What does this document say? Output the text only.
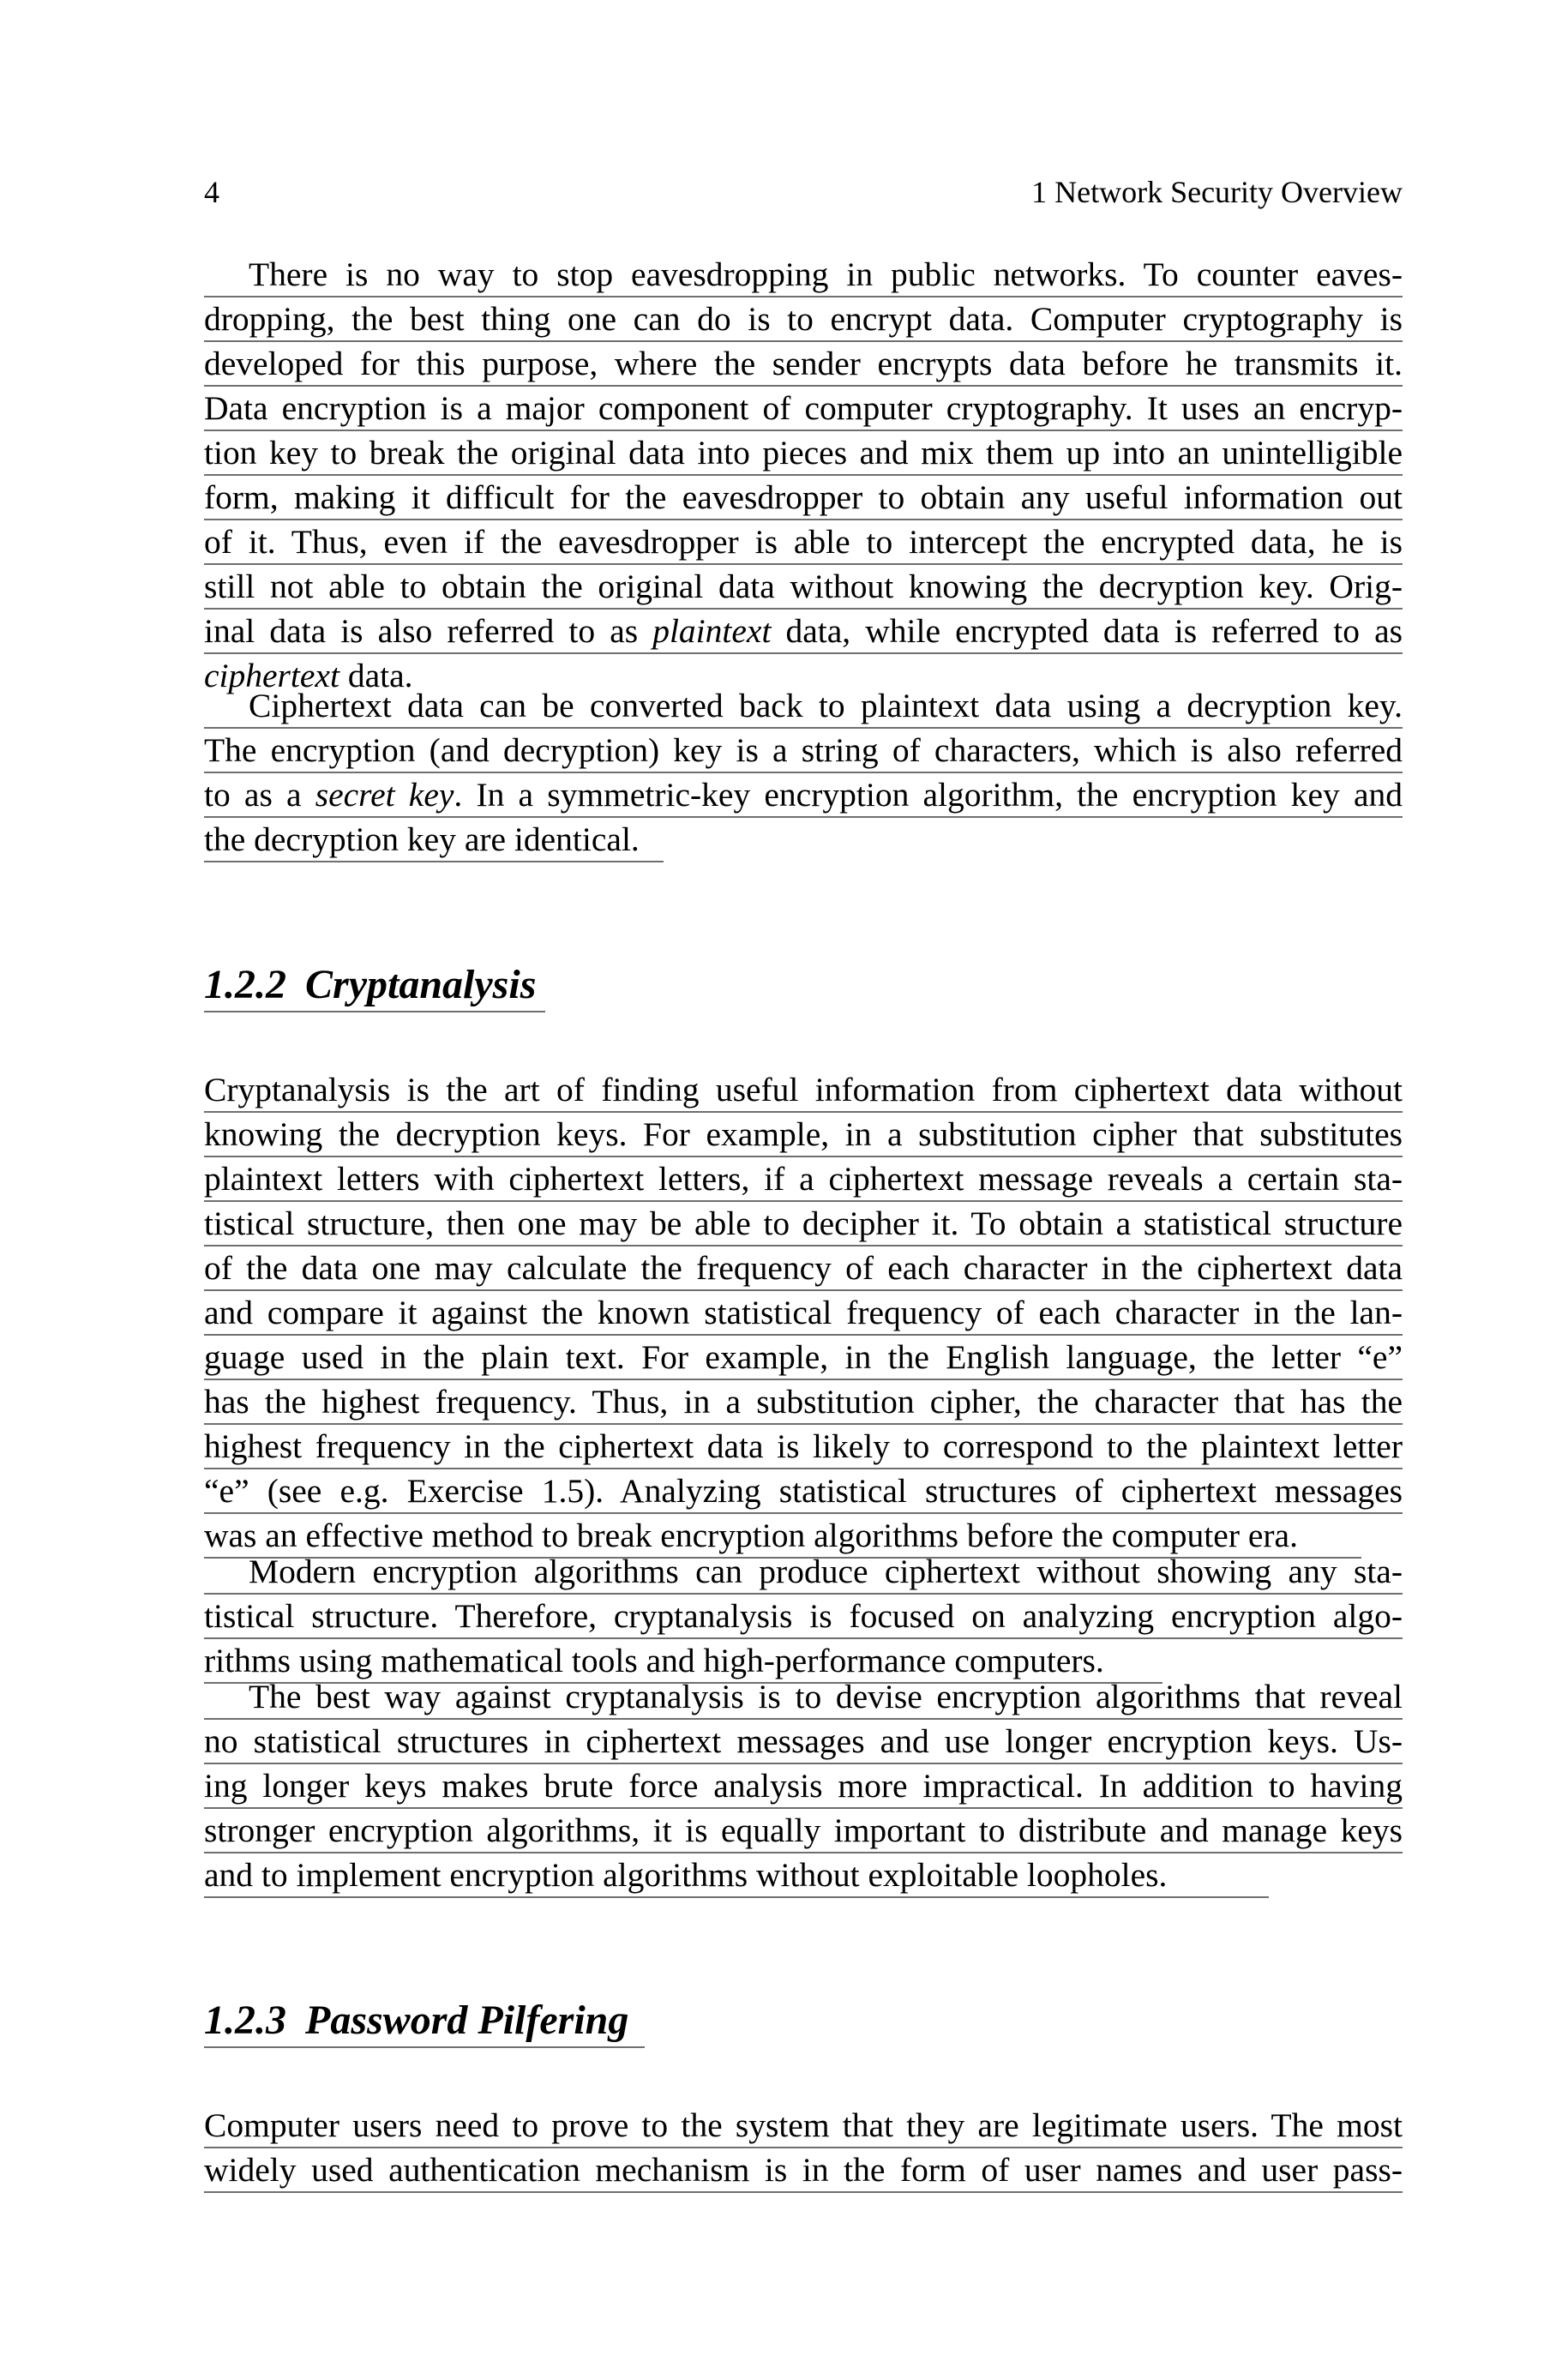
4	1 Network Security Overview
There is no way to stop eavesdropping in public networks. To counter eaves-
dropping, the best thing one can do is to encrypt data. Computer cryptography is
developed for this purpose, where the sender encrypts data before he transmits it.
Data encryption is a major component of computer cryptography. It uses an encryp-
tion key to break the original data into pieces and mix them up into an unintelligible
form, making it difficult for the eavesdropper to obtain any useful information out
of it. Thus, even if the eavesdropper is able to intercept the encrypted data, he is
still not able to obtain the original data without knowing the decryption key. Orig-
inal data is also referred to as plaintext data, while encrypted data is referred to as
ciphertext data.
Ciphertext data can be converted back to plaintext data using a decryption key.
The encryption (and decryption) key is a string of characters, which is also referred
to as a secret key. In a symmetric-key encryption algorithm, the encryption key and
the decryption key are identical.
1.2.2 Cryptanalysis
Cryptanalysis is the art of finding useful information from ciphertext data without
knowing the decryption keys. For example, in a substitution cipher that substitutes
plaintext letters with ciphertext letters, if a ciphertext message reveals a certain sta-
tistical structure, then one may be able to decipher it. To obtain a statistical structure
of the data one may calculate the frequency of each character in the ciphertext data
and compare it against the known statistical frequency of each character in the lan-
guage used in the plain text. For example, in the English language, the letter “e”
has the highest frequency. Thus, in a substitution cipher, the character that has the
highest frequency in the ciphertext data is likely to correspond to the plaintext letter
“e” (see e.g. Exercise 1.5). Analyzing statistical structures of ciphertext messages
was an effective method to break encryption algorithms before the computer era.
Modern encryption algorithms can produce ciphertext without showing any sta-
tistical structure. Therefore, cryptanalysis is focused on analyzing encryption algo-
rithms using mathematical tools and high-performance computers.
The best way against cryptanalysis is to devise encryption algorithms that reveal
no statistical structures in ciphertext messages and use longer encryption keys. Us-
ing longer keys makes brute force analysis more impractical. In addition to having
stronger encryption algorithms, it is equally important to distribute and manage keys
and to implement encryption algorithms without exploitable loopholes.
1.2.3 Password Pilfering
Computer users need to prove to the system that they are legitimate users. The most
widely used authentication mechanism is in the form of user names and user pass-
